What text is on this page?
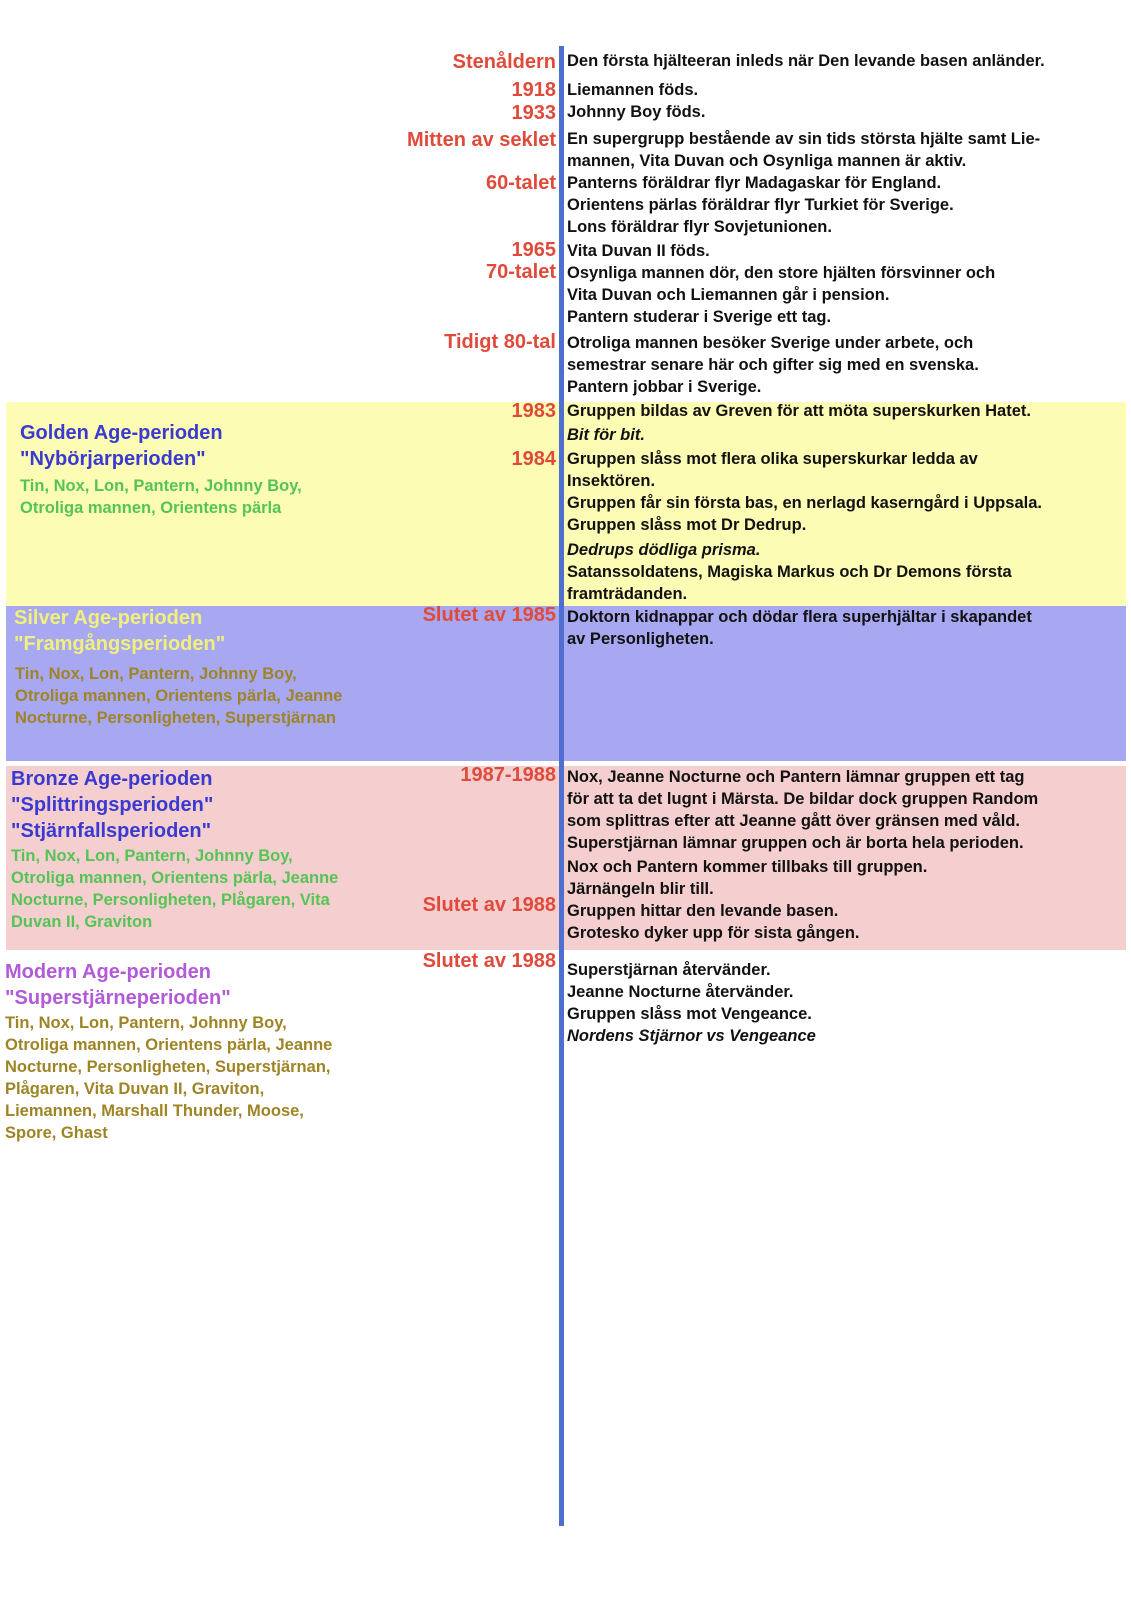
Golden Age-perioden
"Nybörjarperioden"
Tin, Nox, Lon, Pantern, Johnny Boy, Otroliga mannen, Orientens pärla
Silver Age-perioden
"Framgångsperioden"
Tin, Nox, Lon, Pantern, Johnny Boy, Otroliga mannen, Orientens pärla, Jeanne Nocturne, Personligheten, Superstjärnan
Bronze Age-perioden
"Splittringsperioden"
"Stjärnfallsperioden"
Tin, Nox, Lon, Pantern, Johnny Boy, Otroliga mannen, Orientens pärla, Jeanne Nocturne, Personligheten, Plågaren, Vita Duvan II, Graviton
Modern Age-perioden
"Superstjärneperioden"
Tin, Nox, Lon, Pantern, Johnny Boy, Otroliga mannen, Orientens pärla, Jeanne Nocturne, Personligheten, Superstjärnan, Plågaren, Vita Duvan II, Graviton, Liemannen, Marshall Thunder, Moose, Spore, Ghast
Stenåldern
1918
1933
Mitten av seklet
60-talet
1965
70-talet
Tidigt 80-tal
1983
1984
Slutet av 1985
1987-1988
Slutet av 1988
Slutet av 1988
Den första hjälteeran inleds när Den levande basen anländer.
Liemannen föds.
Johnny Boy föds.
En supergrupp bestående av sin tids största hjälte samt Lie-
mannen, Vita Duvan och Osynliga mannen är aktiv.
Panterns föräldrar flyr Madagaskar för England.
Orientens pärlas föräldrar flyr Turkiet för Sverige.
Lons föräldrar flyr Sovjetunionen.
Vita Duvan II föds.
Osynliga mannen dör, den store hjälten försvinner och
Vita Duvan och Liemannen går i pension.
Pantern studerar i Sverige ett tag.
Otroliga mannen besöker Sverige under arbete, och
semestrar senare här och gifter sig med en svenska.
Pantern jobbar i Sverige.
Gruppen bildas av Greven för att möta superskurken Hatet.
Bit för bit.
Gruppen slåss mot flera olika superskurkar ledda av
Insektören.
Gruppen får sin första bas, en nerlagd kaserngård i Uppsala.
Gruppen slåss mot Dr Dedrup.
Dedrups dödliga prisma.
Satanssoldatens, Magiska Markus och Dr Demons första
framträdanden.
Doktorn kidnappar och dödar flera superhjältar i skapandet
av Personligheten.
Nox, Jeanne Nocturne och Pantern lämnar gruppen ett tag
för att ta det lugnt i Märsta. De bildar dock gruppen Random
som splittras efter att Jeanne gått över gränsen med våld.
Superstjärnan lämnar gruppen och är borta hela perioden.
Nox och Pantern kommer tillbaks till gruppen.
Järnängeln blir till.
Gruppen hittar den levande basen.
Grotesko dyker upp för sista gången.
Superstjärnan återvänder.
Jeanne Nocturne återvänder.
Gruppen slåss mot Vengeance.
Nordens Stjärnor vs Vengeance
